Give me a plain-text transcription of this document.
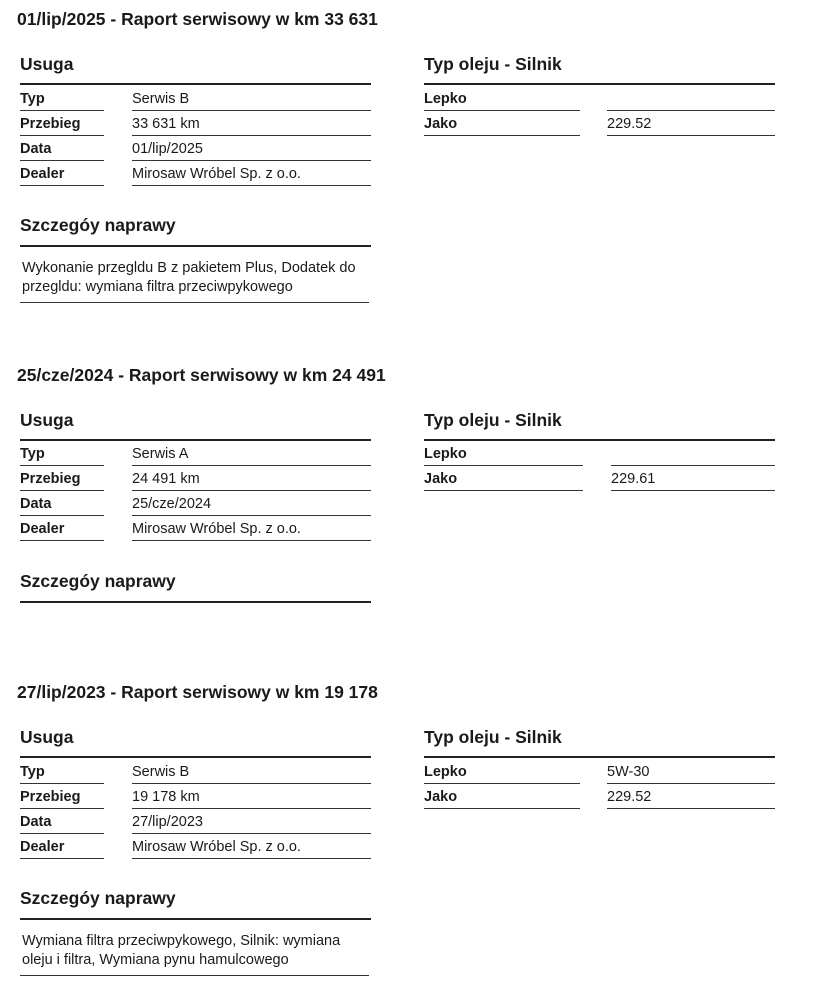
01/lip/2025 - Raport serwisowy w km 33 631
Usuga
Typ	Serwis B
Przebieg	33 631 km
Data	01/lip/2025
Dealer	Mirosaw Wróbel Sp. z o.o.
Typ oleju - Silnik
Lepko
Jako	229.52
Szczegóy naprawy
Wykonanie przegldu B z pakietem Plus, Dodatek do przegldu: wymiana filtra przeciwpykowego
25/cze/2024 - Raport serwisowy w km 24 491
Usuga
Typ	Serwis A
Przebieg	24 491 km
Data	25/cze/2024
Dealer	Mirosaw Wróbel Sp. z o.o.
Typ oleju - Silnik
Lepko
Jako	229.61
Szczegóy naprawy
27/lip/2023 - Raport serwisowy w km 19 178
Usuga
Typ	Serwis B
Przebieg	19 178 km
Data	27/lip/2023
Dealer	Mirosaw Wróbel Sp. z o.o.
Typ oleju - Silnik
Lepko	5W-30
Jako	229.52
Szczegóy naprawy
Wymiana filtra przeciwpykowego, Silnik: wymiana oleju i filtra, Wymiana pynu hamulcowego
